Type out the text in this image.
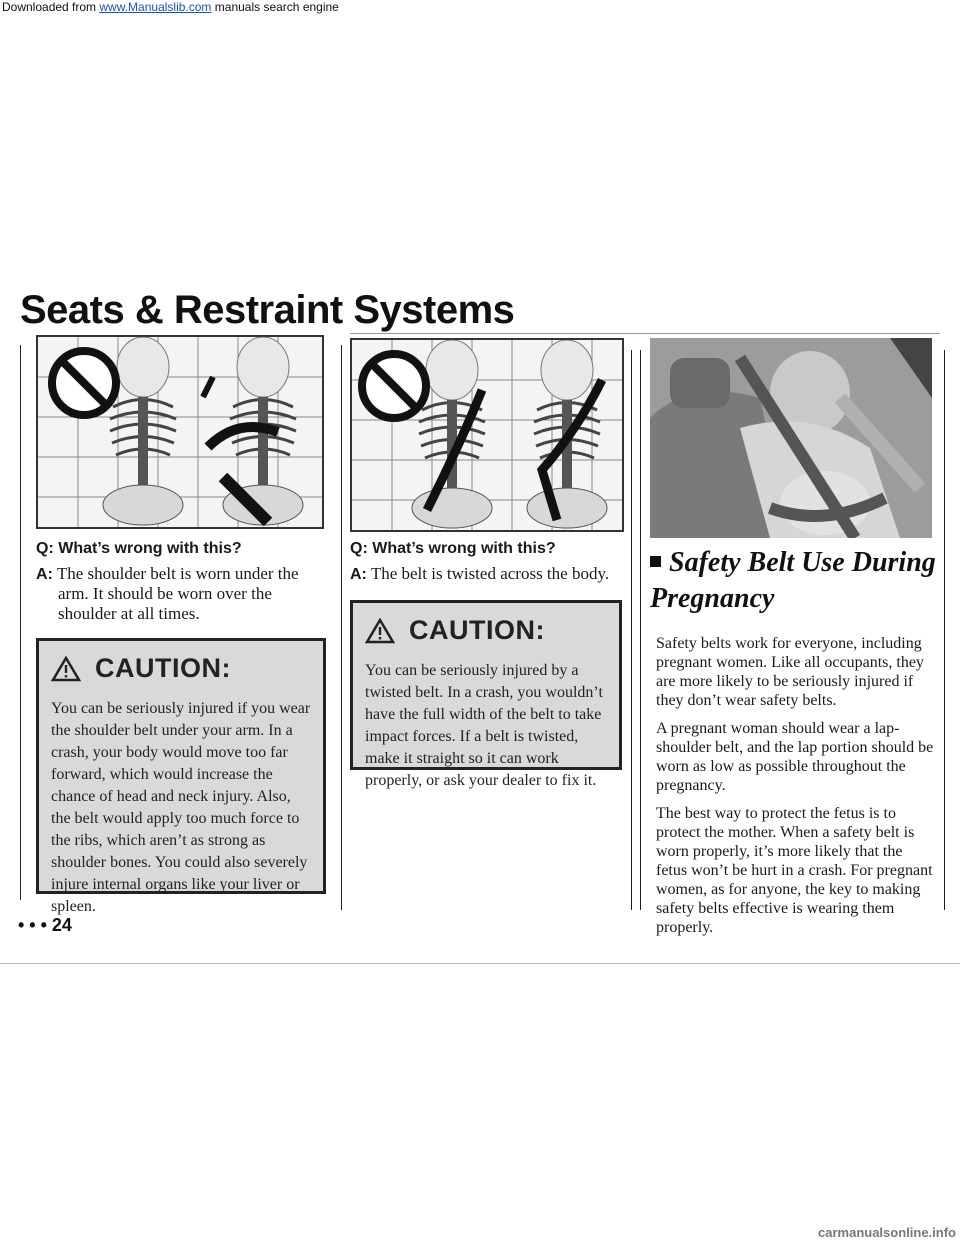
Downloaded from www.Manualslib.com manuals search engine
Seats & Restraint Systems

Q: What’s wrong with this?

A: The shoulder belt is worn under the arm. It should be worn over the shoulder at all times.

CAUTION:

You can be seriously injured if you wear the shoulder belt under your arm. In a crash, your body would move too far forward, which would increase the chance of head and neck injury. Also, the belt would apply too much force to the ribs, which aren’t as strong as shoulder bones. You could also severely injure internal organs like your liver or spleen.

Q: What’s wrong with this?

A: The belt is twisted across the body.

CAUTION:

You can be seriously injured by a twisted belt. In a crash, you wouldn’t have the full width of the belt to take impact forces. If a belt is twisted, make it straight so it can work properly, or ask your dealer to fix it.

Safety Belt Use During Pregnancy

Safety belts work for everyone, including pregnant women. Like all occupants, they are more likely to be seriously injured if they don’t wear safety belts.

A pregnant woman should wear a lap-shoulder belt, and the lap portion should be worn as low as possible throughout the pregnancy.

The best way to protect the fetus is to protect the mother. When a safety belt is worn properly, it’s more likely that the fetus won’t be hurt in a crash. For pregnant women, as for anyone, the key to making safety belts effective is wearing them properly.

• • • 24
carmanualsonline.info
